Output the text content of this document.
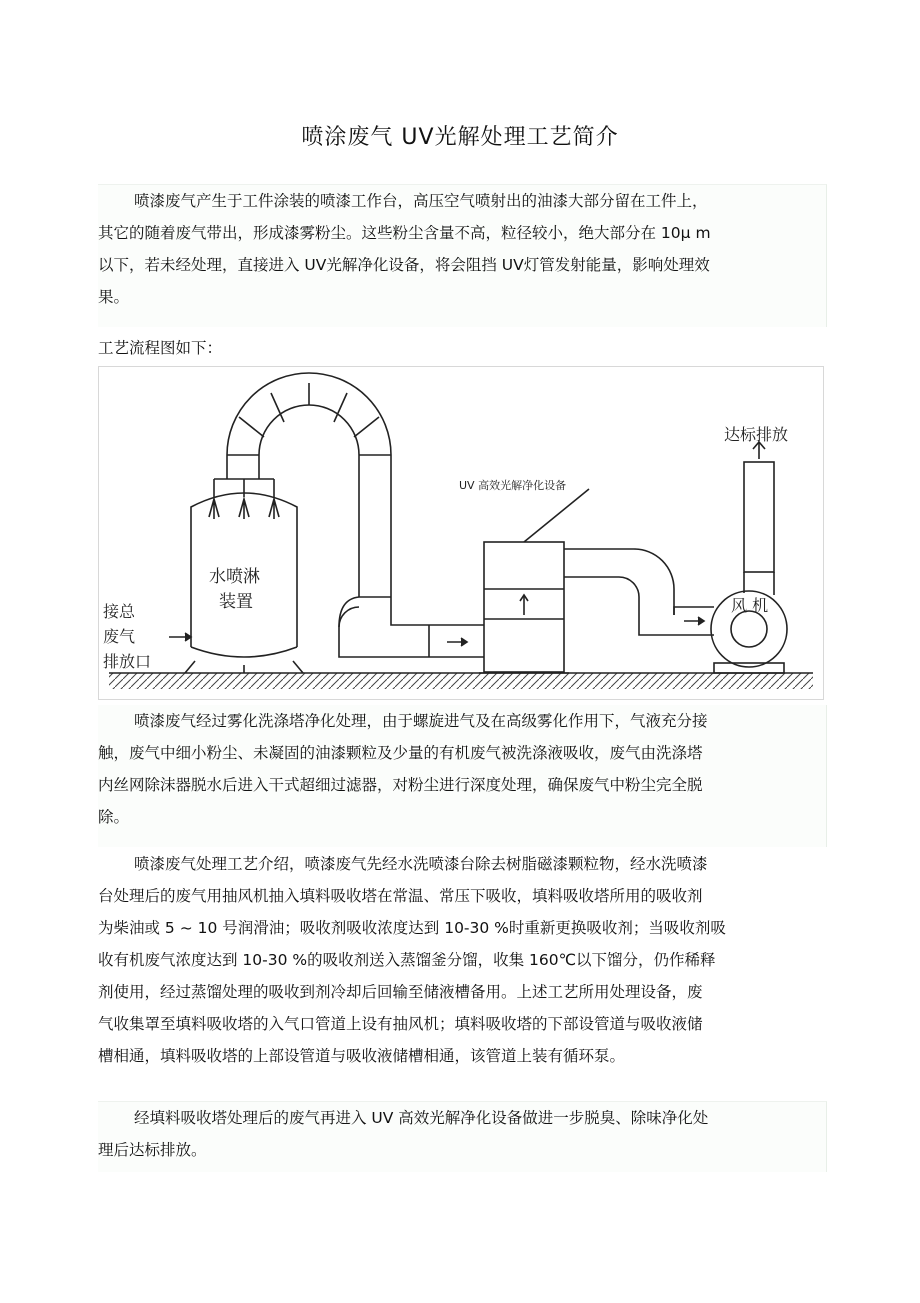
喷涂废气 UV光解处理工艺简介
喷漆废气产生于工件涂装的喷漆工作台，高压空气喷射出的油漆大部分留在工件上，
其它的随着废气带出，形成漆雾粉尘。这些粉尘含量不高，粒径较小，绝大部分在 10μ m
以下，若未经处理，直接进入 UV光解净化设备，将会阻挡 UV灯管发射能量，影响处理效
果。
工艺流程图如下：
达标排放
UV 高效光解净化设备
水喷淋
装置	风 机
接总
废气
排放口
喷漆废气经过雾化洗涤塔净化处理，由于螺旋进气及在高级雾化作用下，气液充分接
触，废气中细小粉尘、未凝固的油漆颗粒及少量的有机废气被洗涤液吸收，废气由洗涤塔
内丝网除沫器脱水后进入干式超细过滤器，对粉尘进行深度处理，确保废气中粉尘完全脱
除。
喷漆废气处理工艺介绍，喷漆废气先经水洗喷漆台除去树脂磁漆颗粒物，经水洗喷漆
台处理后的废气用抽风机抽入填料吸收塔在常温、常压下吸收，填料吸收塔所用的吸收剂
为柴油或 5 ~ 10 号润滑油；吸收剂吸收浓度达到 10-30 %时重新更换吸收剂；当吸收剂吸
收有机废气浓度达到 10-30 %的吸收剂送入蒸馏釜分馏，收集 160℃以下馏分，仍作稀释
剂使用，经过蒸馏处理的吸收到剂冷却后回输至储液槽备用。上述工艺所用处理设备，废
气收集罩至填料吸收塔的入气口管道上设有抽风机；填料吸收塔的下部设管道与吸收液储
槽相通，填料吸收塔的上部设管道与吸收液储槽相通，该管道上装有循环泵。
经填料吸收塔处理后的废气再进入 UV 高效光解净化设备做进一步脱臭、除味净化处
理后达标排放。
